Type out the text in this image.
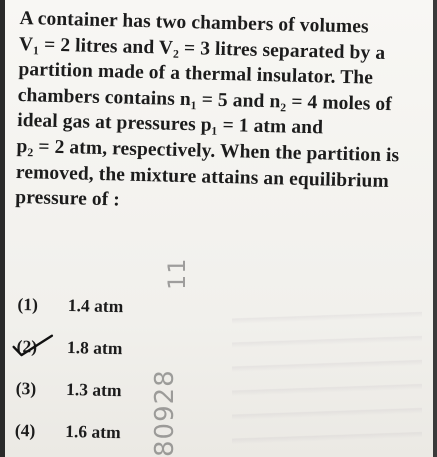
A container has two chambers of volumes
V₁ = 2 litres and V₂ = 3 litres separated by a
partition made of a thermal insulator. The
chambers contains n₁ = 5 and n₂ = 4 moles of
ideal gas at pressures p₁ = 1 atm and
p₂ = 2 atm, respectively. When the partition is
removed, the mixture attains an equilibrium
pressure of :
(1) 1.4 atm
(2) 1.8 atm
(3) 1.3 atm
(4) 1.6 atm
11
80928
